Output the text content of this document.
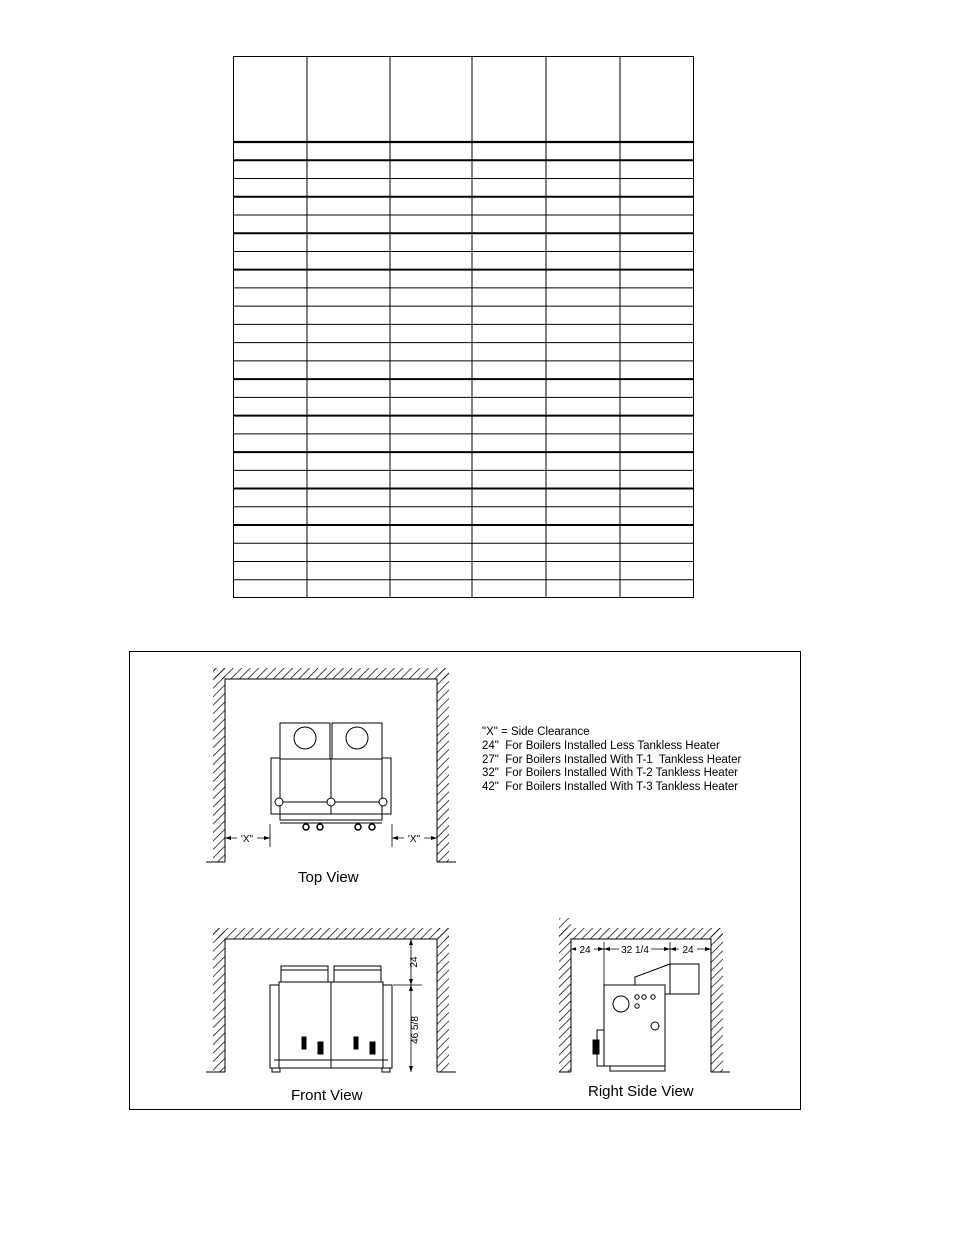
'X"	'X"
24
46 5/8
24	32 1/4	24
"X" = Side Clearance
24"  For Boilers Installed Less Tankless Heater
27"  For Boilers Installed With T-1  Tankless Heater
32"  For Boilers Installed With T-2 Tankless Heater
42"  For Boilers Installed With T-3 Tankless Heater
Top View
Front View	Right Side View
